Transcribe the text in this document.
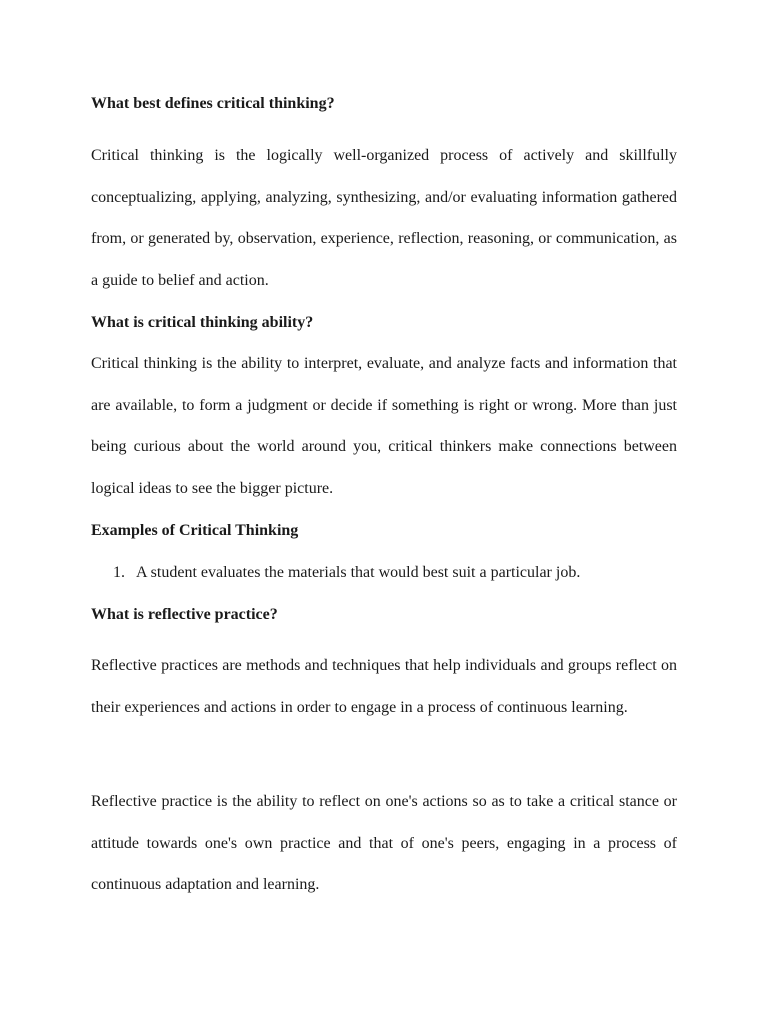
What best defines critical thinking?

Critical thinking is the logically well-organized process of actively and skillfully conceptualizing, applying, analyzing, synthesizing, and/or evaluating information gathered from, or generated by, observation, experience, reflection, reasoning, or communication, as a guide to belief and action.

What is critical thinking ability?

Critical thinking is the ability to interpret, evaluate, and analyze facts and information that are available, to form a judgment or decide if something is right or wrong. More than just being curious about the world around you, critical thinkers make connections between logical ideas to see the bigger picture.

Examples of Critical Thinking
1. A student evaluates the materials that would best suit a particular job.
What is reflective practice?

Reflective practices are methods and techniques that help individuals and groups reflect on their experiences and actions in order to engage in a process of continuous learning.

Reflective practice is the ability to reflect on one's actions so as to take a critical stance or attitude towards one's own practice and that of one's peers, engaging in a process of continuous adaptation and learning.
